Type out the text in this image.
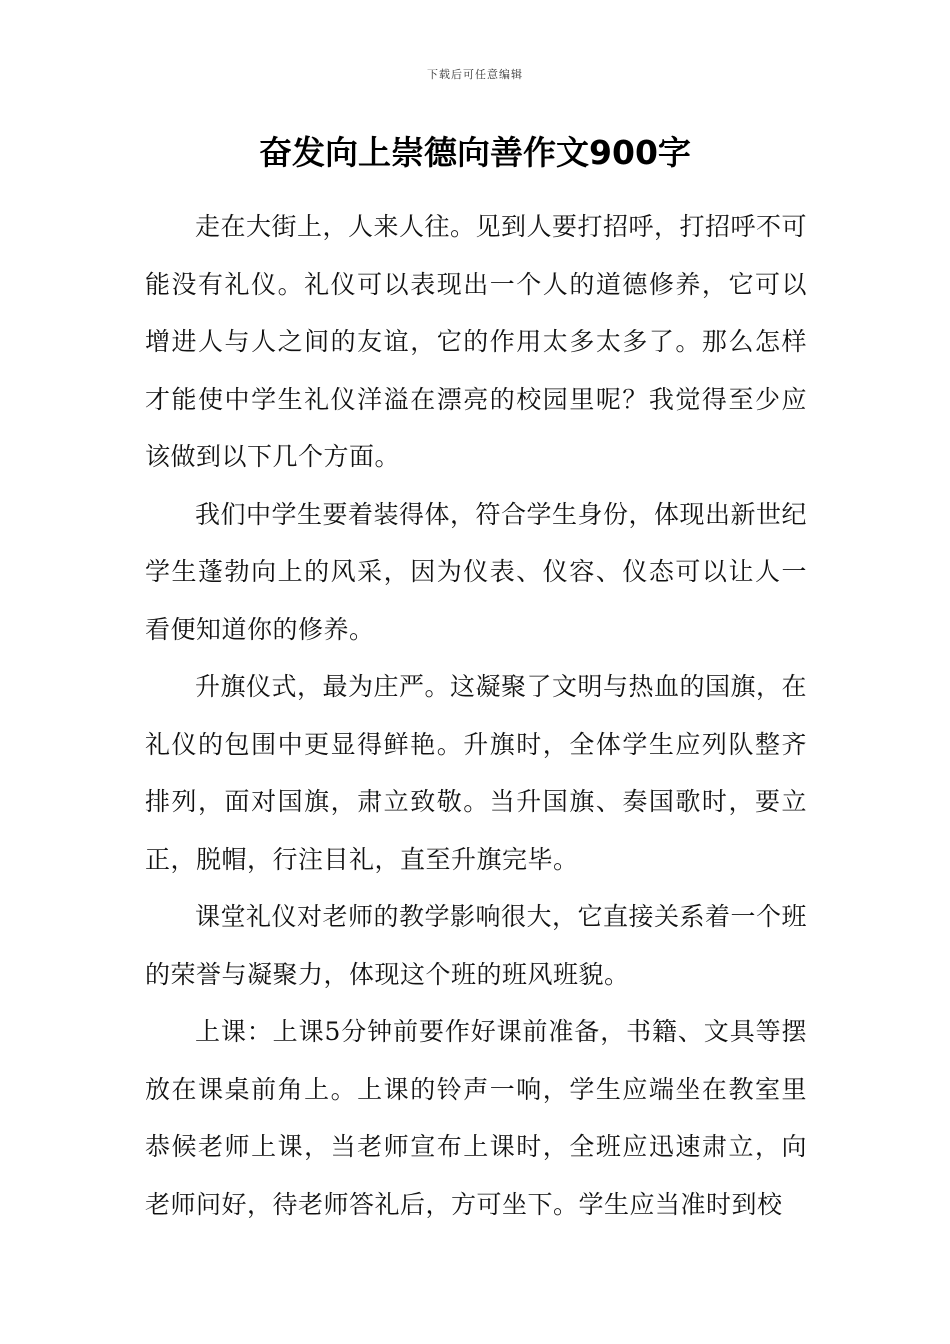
下载后可任意编辑
奋发向上崇德向善作文900字

走在大街上，人来人往。见到人要打招呼，打招呼不可能没有礼仪。礼仪可以表现出一个人的道德修养，它可以增进人与人之间的友谊，它的作用太多太多了。那么怎样才能使中学生礼仪洋溢在漂亮的校园里呢？我觉得至少应该做到以下几个方面。

我们中学生要着装得体，符合学生身份，体现出新世纪学生蓬勃向上的风采，因为仪表、仪容、仪态可以让人一看便知道你的修养。

升旗仪式，最为庄严。这凝聚了文明与热血的国旗，在礼仪的包围中更显得鲜艳。升旗时，全体学生应列队整齐排列，面对国旗，肃立致敬。当升国旗、奏国歌时，要立正，脱帽，行注目礼，直至升旗完毕。

课堂礼仪对老师的教学影响很大，它直接关系着一个班的荣誉与凝聚力，体现这个班的班风班貌。

上课：上课5分钟前要作好课前准备，书籍、文具等摆放在课桌前角上。上课的铃声一响，学生应端坐在教室里恭候老师上课，当老师宣布上课时，全班应迅速肃立，向老师问好，待老师答礼后，方可坐下。学生应当准时到校
